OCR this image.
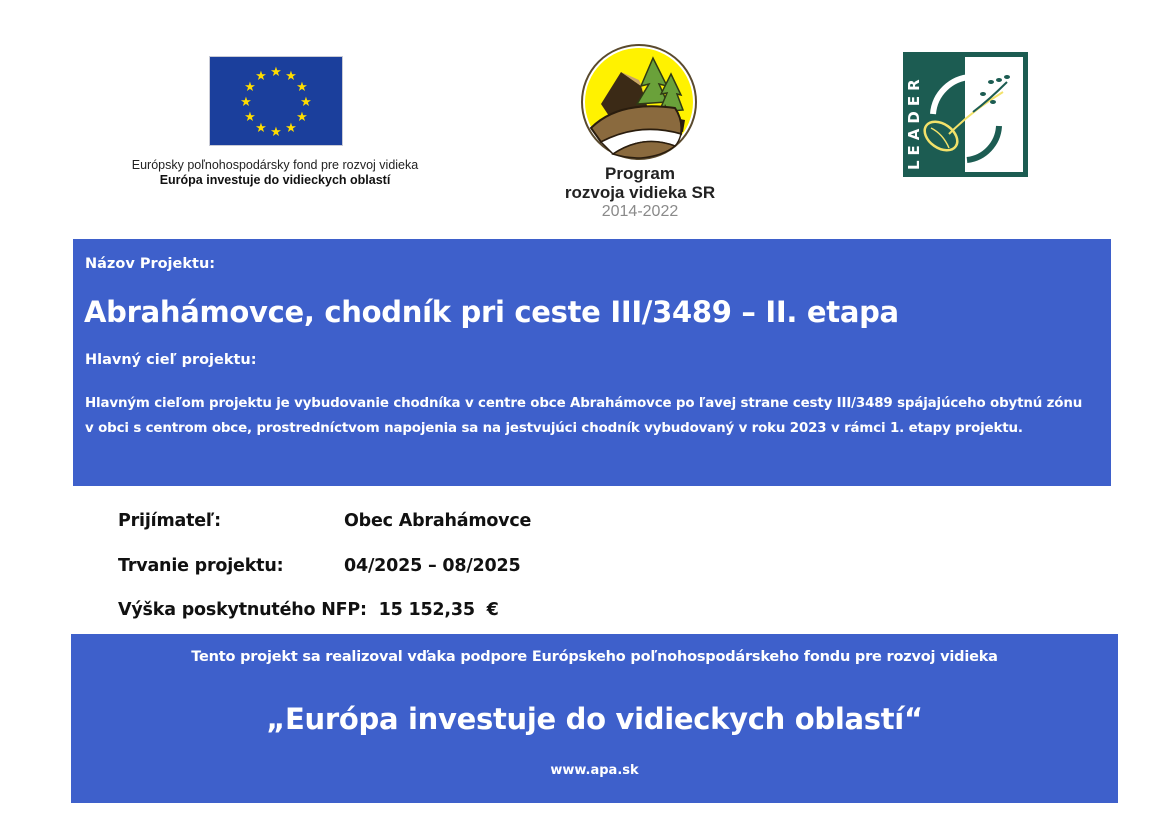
★ ★
★
★
★
★
★
★
★
★
★
★
Európsky poľnohospodársky fond pre rozvoj vidieka
Európa investuje do vidieckych oblastí	Program
rozvoja vidieka SR
2014-2022
LEADER
Názov Projektu:
Abrahámovce, chodník pri ceste III/3489 – II. etapa
Hlavný cieľ projektu:
Hlavným cieľom projektu je vybudovanie chodníka v centre obce Abrahámovce po ľavej strane cesty III/3489 spájajúceho obytnú zónu v obci s centrom obce, prostredníctvom napojenia sa na jestvujúci chodník vybudovaný v roku 2023 v rámci 1. etapy projektu.
Prijímateľ:	Obec Abrahámovce
Trvanie projektu:	04/2025 – 08/2025
Výška poskytnutého NFP:  15 152,35  €
Tento projekt sa realizoval vďaka podpore Európskeho poľnohospodárskeho fondu pre rozvoj vidieka
„Európa investuje do vidieckych oblastí“
www.apa.sk
